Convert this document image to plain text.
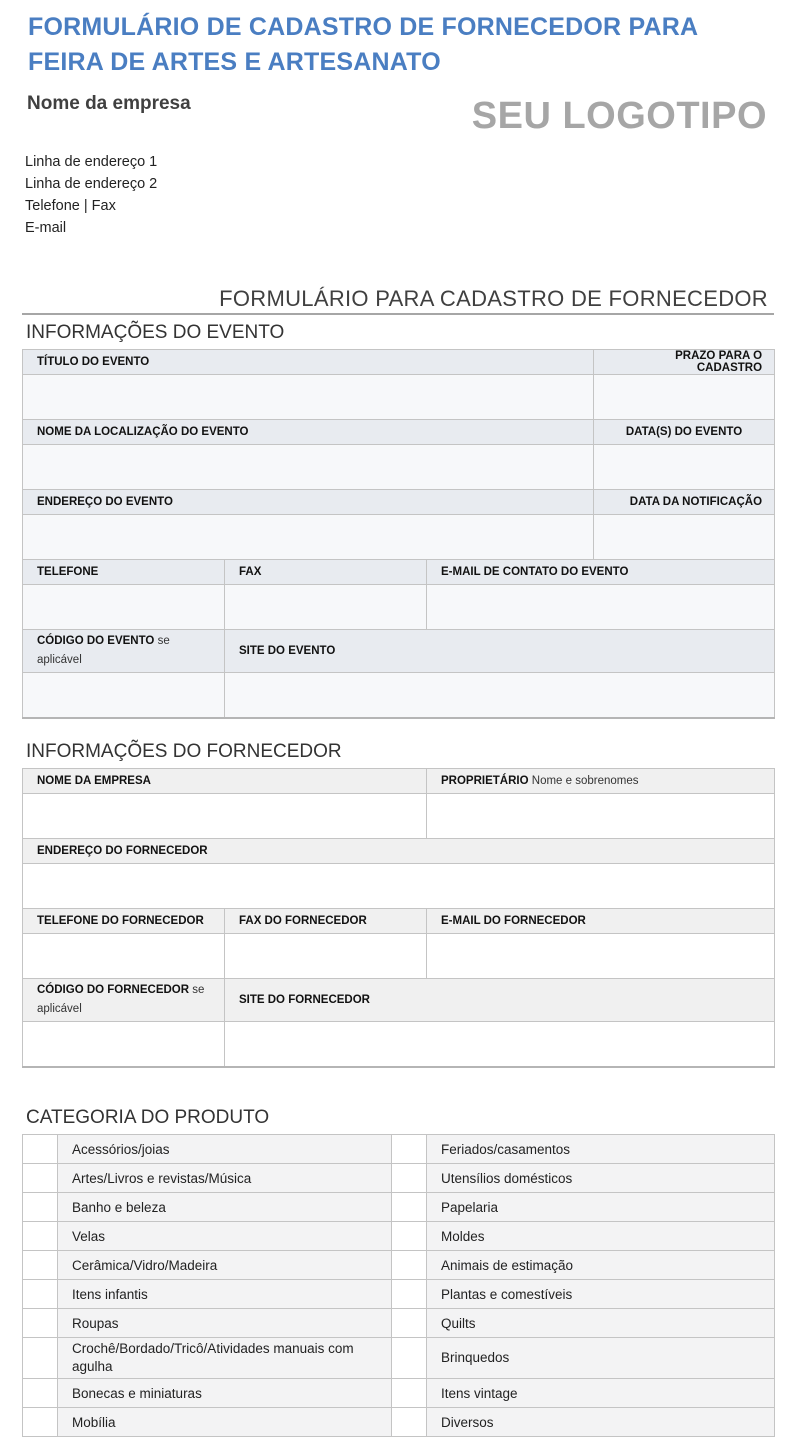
FORMULÁRIO DE CADASTRO DE FORNECEDOR PARA FEIRA DE ARTES E ARTESANATO
Nome da empresa	SEU LOGOTIPO
Linha de endereço 1
Linha de endereço 2
Telefone | Fax
E-mail
FORMULÁRIO PARA CADASTRO DE FORNECEDOR
INFORMAÇÕES DO EVENTO
TÍTULO DO EVENTO			PRAZO PARA O CADASTRO

NOME DA LOCALIZAÇÃO DO EVENTO			DATA(S) DO EVENTO

ENDEREÇO DO EVENTO			DATA DA NOTIFICAÇÃO

TELEFONE	FAX	E-MAIL DE CONTATO DO EVENTO	

CÓDIGO DO EVENTO se aplicável	SITE DO EVENTO		

INFORMAÇÕES DO FORNECEDOR
NOME DA EMPRESA		PROPRIETÁRIO Nome e sobrenomes

ENDEREÇO DO FORNECEDOR		

TELEFONE DO FORNECEDOR	FAX DO FORNECEDOR	E-MAIL DO FORNECEDOR

CÓDIGO DO FORNECEDOR se aplicável	SITE DO FORNECEDOR	

CATEGORIA DO PRODUTO
	Acessórios/joias		Feriados/casamentos
	Artes/Livros e revistas/Música		Utensílios domésticos
	Banho e beleza		Papelaria
	Velas		Moldes
	Cerâmica/Vidro/Madeira		Animais de estimação
	Itens infantis		Plantas e comestíveis
	Roupas		Quilts
	Crochê/Bordado/Tricô/Atividades manuais com agulha		Brinquedos
	Bonecas e miniaturas		Itens vintage
	Mobília		Diversos
